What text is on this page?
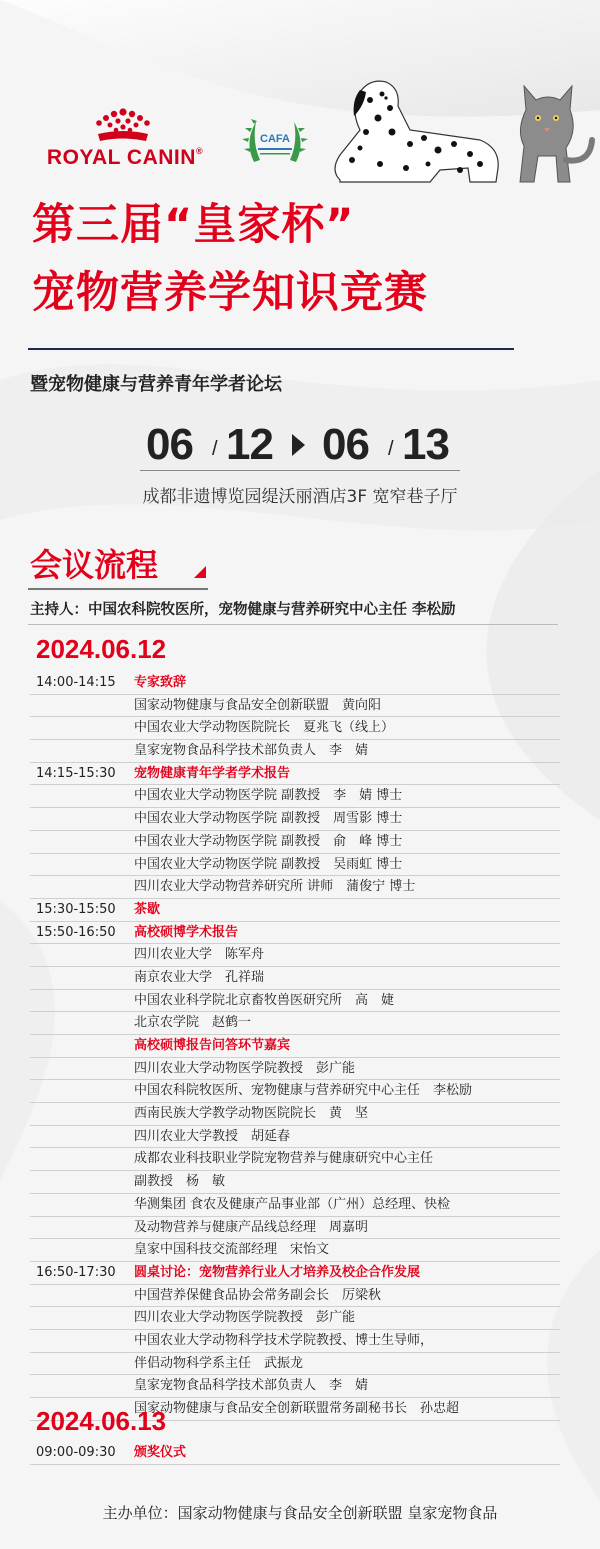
ROYAL CANIN®
CAFA
第三届“皇家杯”
宠物营养学知识竞赛
暨宠物健康与营养青年学者论坛
06 / 12 06 / 13
成都非遗博览园缇沃丽酒店3F 宽窄巷子厅
会议流程
主持人：中国农科院牧医所，宠物健康与营养研究中心主任 李松励
2024.06.12
14:00-14:15 专家致辞
国家动物健康与食品安全创新联盟　黄向阳
中国农业大学动物医院院长　夏兆飞（线上）
皇家宠物食品科学技术部负责人　李　婧
14:15-15:30 宠物健康青年学者学术报告
中国农业大学动物医学院 副教授　李　婧 博士
中国农业大学动物医学院 副教授　周雪影 博士
中国农业大学动物医学院 副教授　俞　峰 博士
中国农业大学动物医学院 副教授　吴雨虹 博士
四川农业大学动物营养研究所 讲师　蒲俊宁 博士
15:30-15:50 茶歇
15:50-16:50 高校硕博学术报告
四川农业大学　陈军舟
南京农业大学　孔祥瑞
中国农业科学院北京畜牧兽医研究所　高　婕
北京农学院　赵鹤一
高校硕博报告问答环节嘉宾
四川农业大学动物医学院教授　彭广能
中国农科院牧医所、宠物健康与营养研究中心主任　李松励
西南民族大学教学动物医院院长　黄　坚
四川农业大学教授　胡延春
成都农业科技职业学院宠物营养与健康研究中心主任
副教授　杨　敏
华测集团 食农及健康产品事业部（广州）总经理、快检
及动物营养与健康产品线总经理　周嘉明
皇家中国科技交流部经理　宋怡文
16:50-17:30 圆桌讨论：宠物营养行业人才培养及校企合作发展
中国营养保健食品协会常务副会长　厉梁秋
四川农业大学动物医学院教授　彭广能
中国农业大学动物科学技术学院教授、博士生导师，
伴侣动物科学系主任　武振龙
皇家宠物食品科学技术部负责人　李　婧
国家动物健康与食品安全创新联盟常务副秘书长　孙忠超
2024.06.13
09:00-09:30 颁奖仪式
主办单位：国家动物健康与食品安全创新联盟 皇家宠物食品
